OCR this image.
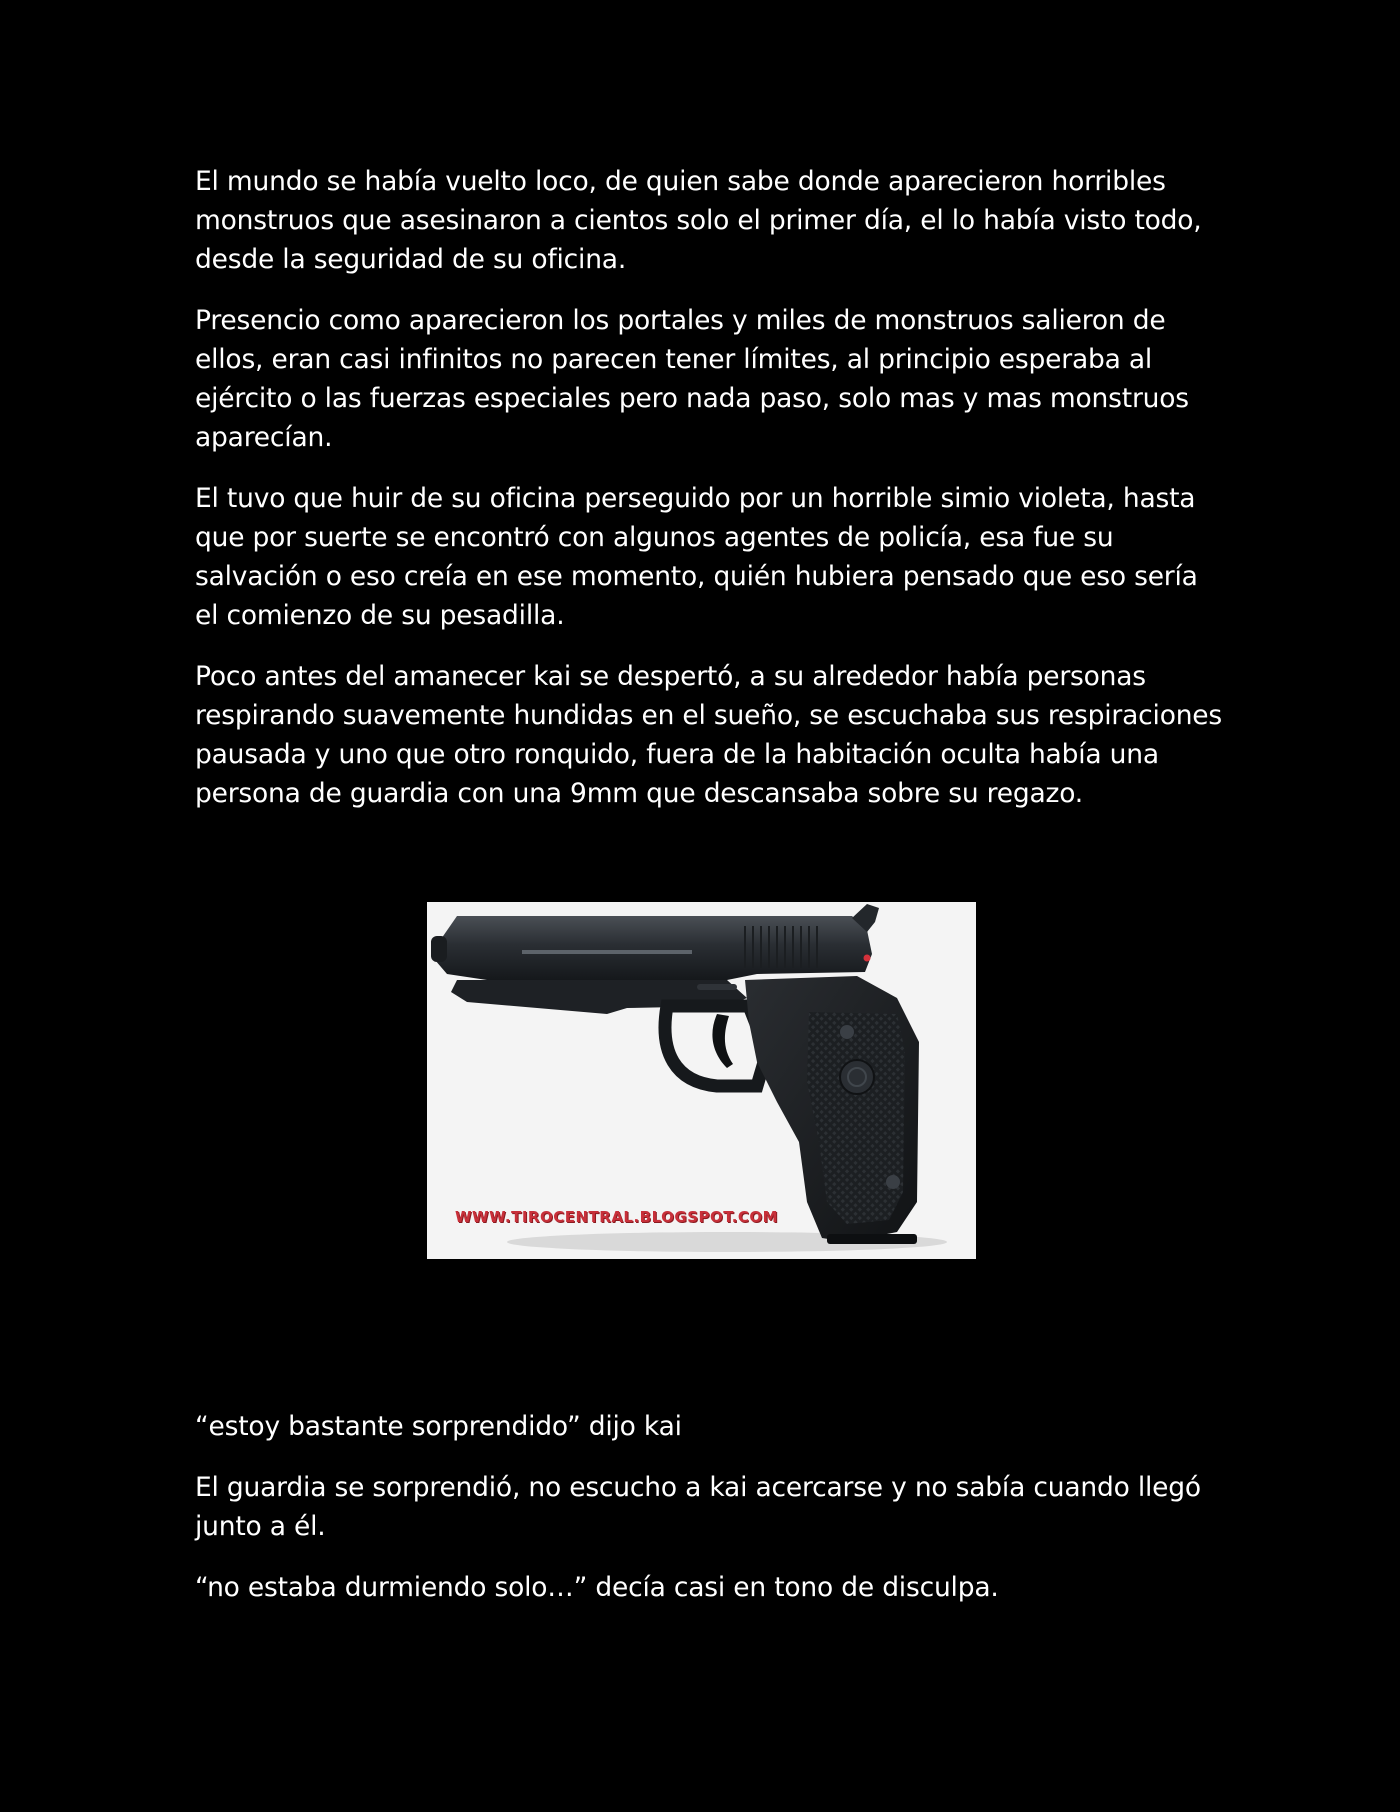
El mundo se había vuelto loco, de quien sabe donde aparecieron horribles monstruos que asesinaron a cientos solo el primer día, el lo había visto todo, desde la seguridad de su oficina.

Presencio como aparecieron los portales y miles de monstruos salieron de ellos, eran casi infinitos no parecen tener límites, al principio esperaba al ejército o las fuerzas especiales pero nada paso, solo mas y mas monstruos aparecían.

El tuvo que huir de su oficina perseguido por un horrible simio violeta, hasta que por suerte se encontró con algunos agentes de policía, esa fue su salvación o eso creía en ese momento, quién hubiera pensado que eso sería el comienzo de su pesadilla.

Poco antes del amanecer kai se despertó, a su alrededor había personas respirando suavemente hundidas en el sueño, se escuchaba sus respiraciones pausada y uno que otro ronquido, fuera de la habitación oculta había una persona de guardia con una 9mm que descansaba sobre su regazo.

WWW.TIROCENTRAL.BLOGSPOT.COM

“estoy bastante sorprendido” dijo kai

El guardia se sorprendió, no escucho a kai acercarse y no sabía cuando llegó junto a él.

“no estaba durmiendo solo…” decía casi en tono de disculpa.
